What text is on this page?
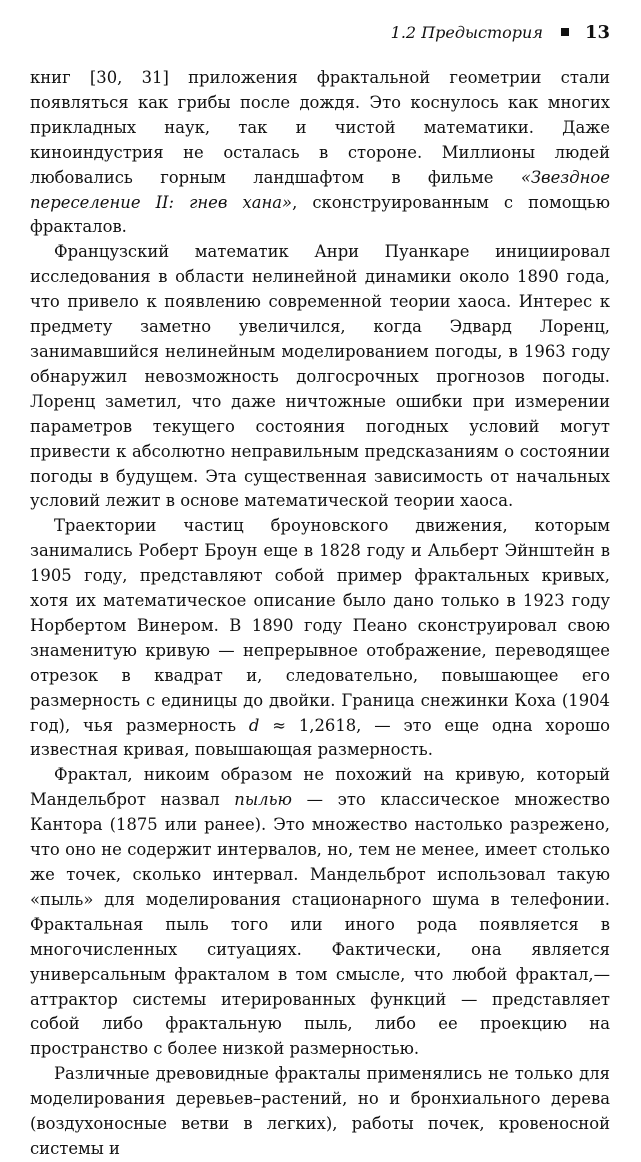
1.2 Предыстория 13

книг [30, 31] приложения фрактальной геометрии стали появляться как грибы после дождя. Это коснулось как многих прикладных наук, так и чистой математики. Даже киноиндустрия не осталась в стороне. Миллионы людей любовались горным ландшафтом в фильме «Звездное переселение II: гнев хана», сконструированным с помощью фракталов.

Французский математик Анри Пуанкаре инициировал исследования в области нелинейной динамики около 1890 года, что привело к появлению современной теории хаоса. Интерес к предмету заметно увеличился, когда Эдвард Лоренц, занимавшийся нелинейным моделированием погоды, в 1963 году обнаружил невозможность долгосрочных прогнозов погоды. Лоренц заметил, что даже ничтожные ошибки при измерении параметров текущего состояния погодных условий могут привести к абсолютно неправильным предсказаниям о состоянии погоды в будущем. Эта существенная зависимость от начальных условий лежит в основе математической теории хаоса.

Траектории частиц броуновского движения, которым занимались Роберт Броун еще в 1828 году и Альберт Эйнштейн в 1905 году, представляют собой пример фрактальных кривых, хотя их математическое описание было дано только в 1923 году Норбертом Винером. В 1890 году Пеано сконструировал свою знаменитую кривую — непрерывное отображение, переводящее отрезок в квадрат и, следовательно, повышающее его размерность с единицы до двойки. Граница снежинки Коха (1904 год), чья размерность d ≈ 1,2618, — это еще одна хорошо известная кривая, повышающая размерность.

Фрактал, никоим образом не похожий на кривую, который Мандельброт назвал пылью — это классическое множество Кантора (1875 или ранее). Это множество настолько разрежено, что оно не содержит интервалов, но, тем не менее, имеет столько же точек, сколько интервал. Мандельброт использовал такую «пыль» для моделирования стационарного шума в телефонии. Фрактальная пыль того или иного рода появляется в многочисленных ситуациях. Фактически, она является универсальным фракталом в том смысле, что любой фрактал,— аттрактор системы итерированных функций — представляет собой либо фрактальную пыль, либо ее проекцию на пространство с более низкой размерностью.

Различные древовидные фракталы применялись не только для моделирования деревьев–растений, но и бронхиального дерева (воздухоносные ветви в легких), работы почек, кровеносной системы и
